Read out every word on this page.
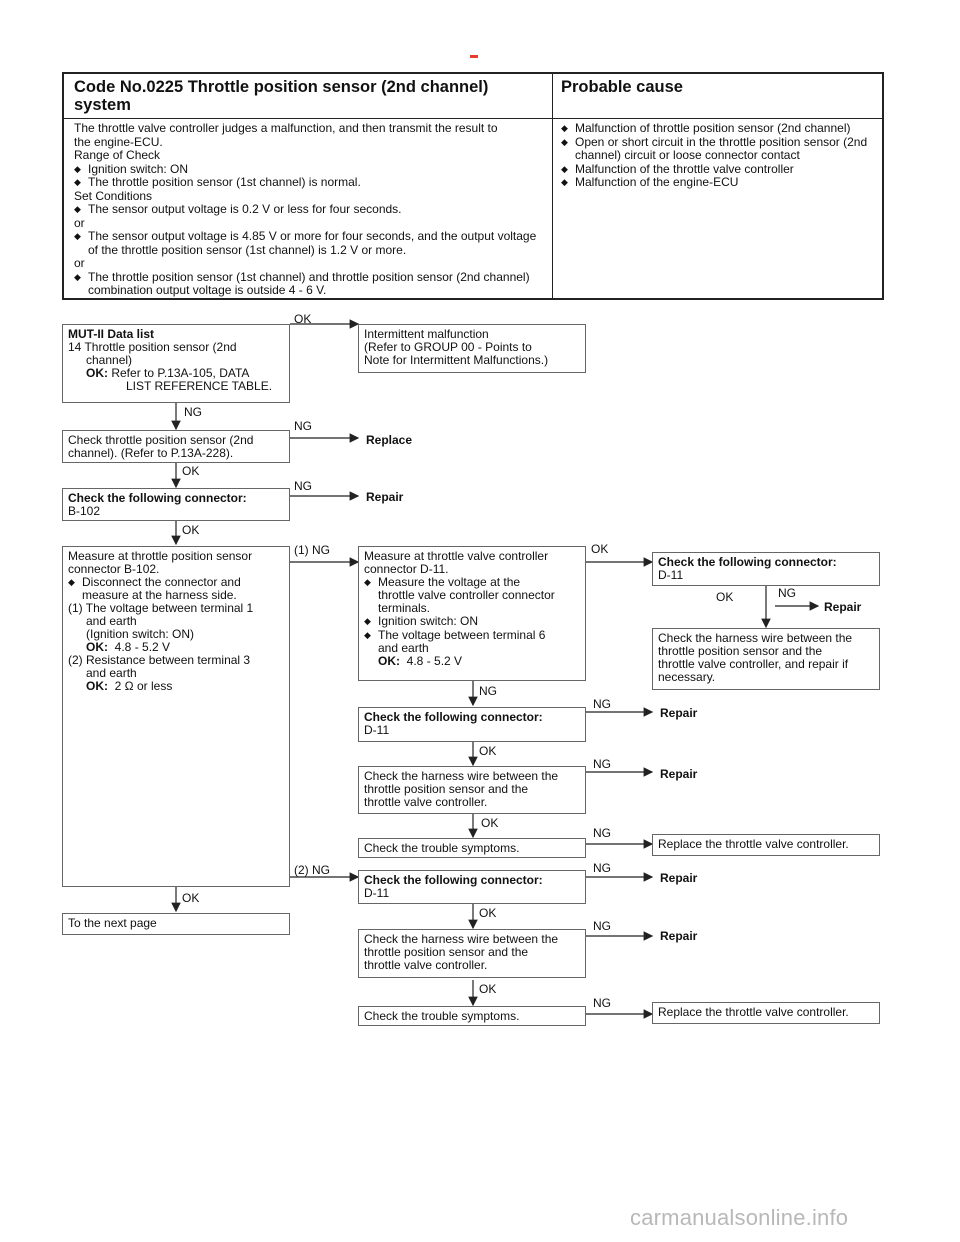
Code No.0225 Throttle position sensor (2nd channel) system
Probable cause
The throttle valve controller judges a malfunction, and then transmit the result to
the engine-ECU.
Range of Check
◆ Ignition switch: ON
◆ The throttle position sensor (1st channel) is normal.
Set Conditions
◆ The sensor output voltage is 0.2 V or less for four seconds.
or
◆ The sensor output voltage is 4.85 V or more for four seconds, and the output voltage of the throttle position sensor (1st channel) is 1.2 V or more.
or
◆ The throttle position sensor (1st channel) and throttle position sensor (2nd channel) combination output voltage is outside 4 - 6 V.
◆ Malfunction of throttle position sensor (2nd channel)
◆ Open or short circuit in the throttle position sensor (2nd channel) circuit or loose connector contact
◆ Malfunction of the throttle valve controller
◆ Malfunction of the engine-ECU
MUT-II Data list
14 Throttle position sensor (2nd
channel)
OK: Refer to P.13A-105, DATA
LIST REFERENCE TABLE.
Intermittent malfunction
(Refer to GROUP 00 - Points to
Note for Intermittent Malfunctions.)
Check throttle position sensor (2nd
channel). (Refer to P.13A-228).
Check the following connector:
B-102
Measure at throttle position sensor
connector B-102.
◆ Disconnect the connector and
measure at the harness side.
(1) The voltage between terminal 1
and earth
(Ignition switch: ON)
OK: 4.8 - 5.2 V
(2) Resistance between terminal 3
and earth
OK: 2 Ω or less
Measure at throttle valve controller
connector D-11.
◆ Measure the voltage at the
throttle valve controller connector
terminals.
◆ Ignition switch: ON
◆ The voltage between terminal 6
and earth
OK: 4.8 - 5.2 V
Check the following connector:
D-11
Check the harness wire between the
throttle position sensor and the
throttle valve controller, and repair if
necessary.
Check the following connector:
D-11
Check the harness wire between the
throttle position sensor and the
throttle valve controller.
Check the trouble symptoms.	Replace the throttle valve controller.
Check the following connector:
D-11
To the next page
Check the harness wire between the
throttle position sensor and the
throttle valve controller.
Check the trouble symptoms.	Replace the throttle valve controller.
OK
NG
NG
Replace
OK
NG
Repair
OK
(1) NG	OK
OK	NG
Repair
NG
NG
Repair
OK
NG
Repair
OK
NG
(2) NG	NG
Repair
OK
OK
NG
Repair
OK
NG
carmanualsonline.info
